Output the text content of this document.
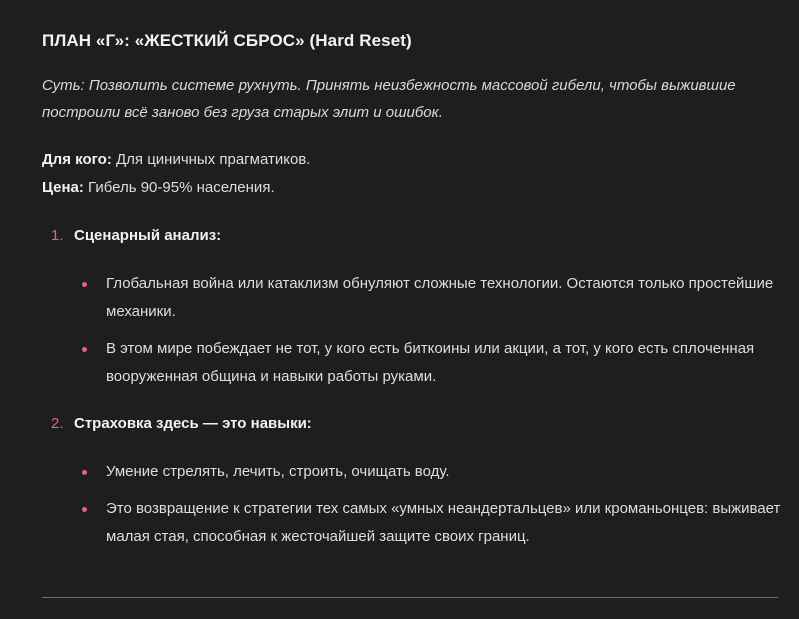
ПЛАН «Г»: «ЖЕСТКИЙ СБРОС» (Hard Reset)

Суть: Позволить системе рухнуть. Принять неизбежность массовой гибели, чтобы выжившие построили всё заново без груза старых элит и ошибок.

Для кого: Для циничных прагматиков.
Цена: Гибель 90-95% населения.
1. Сценарный анализ:
Глобальная война или катаклизм обнуляют сложные технологии. Остаются только простейшие механики.
В этом мире побеждает не тот, у кого есть биткоины или акции, а тот, у кого есть сплоченная вооруженная община и навыки работы руками.
2. Страховка здесь — это навыки:
Умение стрелять, лечить, строить, очищать воду.
Это возвращение к стратегии тех самых «умных неандертальцев» или кроманьонцев: выживает малая стая, способная к жесточайшей защите своих границ.
